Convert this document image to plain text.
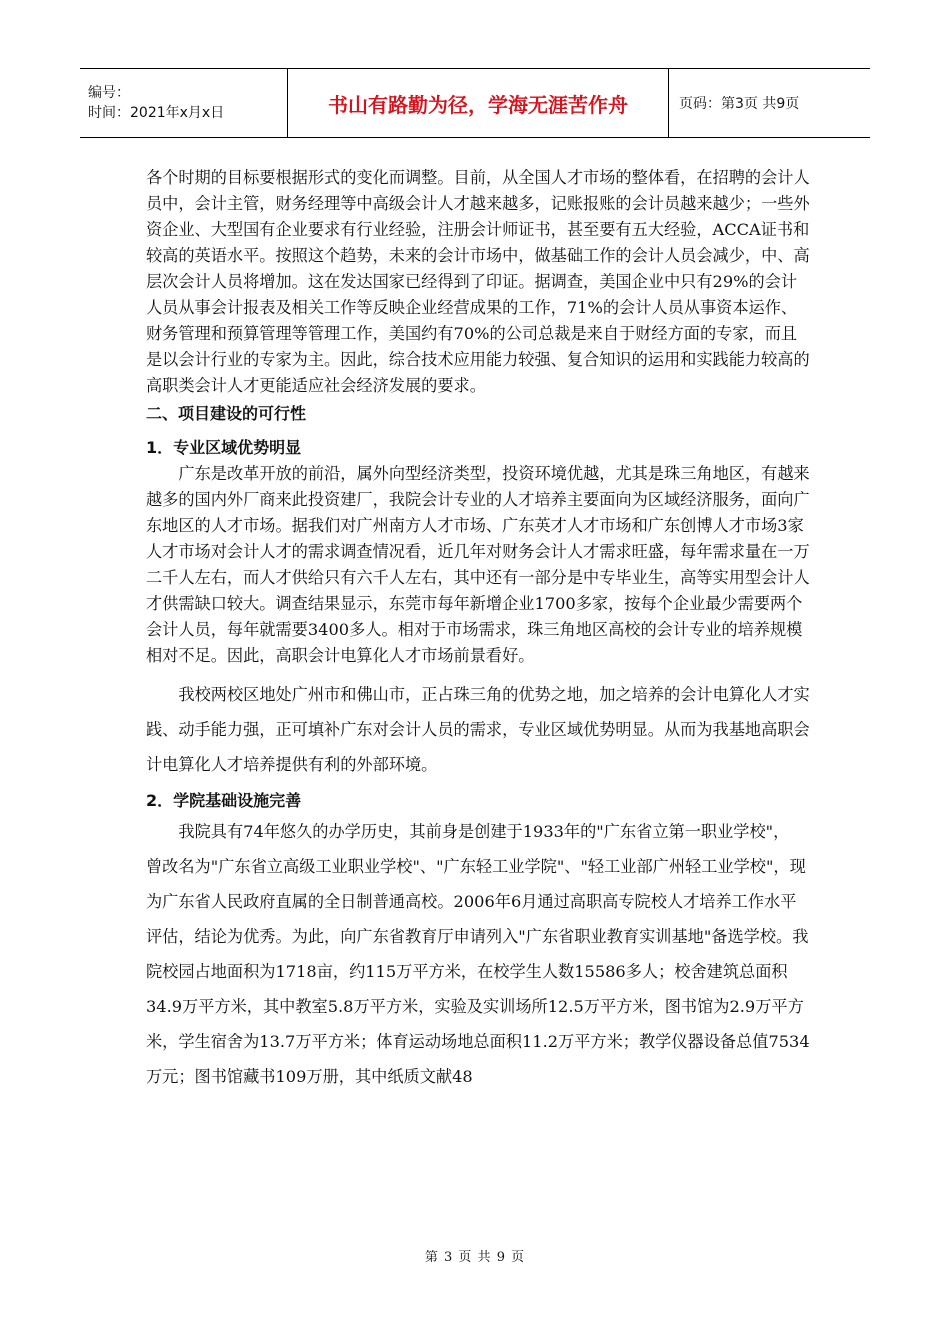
编号：
时间：2021年x月x日	书山有路勤为径，学海无涯苦作舟	页码：第3页 共9页

各个时期的目标要根据形式的变化而调整。目前，从全国人才市场的整体看，在招聘的会计人员中，会计主管，财务经理等中高级会计人才越来越多，记账报账的会计员越来越少；一些外资企业、大型国有企业要求有行业经验，注册会计师证书，甚至要有五大经验，ACCA证书和较高的英语水平。按照这个趋势，未来的会计市场中，做基础工作的会计人员会减少，中、高层次会计人员将增加。这在发达国家已经得到了印证。据调查，美国企业中只有29%的会计人员从事会计报表及相关工作等反映企业经营成果的工作，71%的会计人员从事资本运作、财务管理和预算管理等管理工作，美国约有70%的公司总裁是来自于财经方面的专家，而且是以会计行业的专家为主。因此，综合技术应用能力较强、复合知识的运用和实践能力较高的高职类会计人才更能适应社会经济发展的要求。

二、项目建设的可行性

1．专业区域优势明显

广东是改革开放的前沿，属外向型经济类型，投资环境优越，尤其是珠三角地区，有越来越多的国内外厂商来此投资建厂，我院会计专业的人才培养主要面向为区域经济服务，面向广东地区的人才市场。据我们对广州南方人才市场、广东英才人才市场和广东创博人才市场3家人才市场对会计人才的需求调查情况看，近几年对财务会计人才需求旺盛，每年需求量在一万二千人左右，而人才供给只有六千人左右，其中还有一部分是中专毕业生，高等实用型会计人才供需缺口较大。调查结果显示，东莞市每年新增企业1700多家，按每个企业最少需要两个会计人员，每年就需要3400多人。相对于市场需求，珠三角地区高校的会计专业的培养规模相对不足。因此，高职会计电算化人才市场前景看好。

我校两校区地处广州市和佛山市，正占珠三角的优势之地，加之培养的会计电算化人才实践、动手能力强，正可填补广东对会计人员的需求，专业区域优势明显。从而为我基地高职会计电算化人才培养提供有利的外部环境。

2．学院基础设施完善

我院具有74年悠久的办学历史，其前身是创建于1933年的"广东省立第一职业学校"， 曾改名为"广东省立高级工业职业学校"、"广东轻工业学院"、"轻工业部广州轻工业学校"，现为广东省人民政府直属的全日制普通高校。2006年6月通过高职高专院校人才培养工作水平评估，结论为优秀。为此，向广东省教育厅申请列入"广东省职业教育实训基地"备选学校。我院校园占地面积为1718亩，约115万平方米，在校学生人数15586多人；校舍建筑总面积34.9万平方米，其中教室5.8万平方米，实验及实训场所12.5万平方米，图书馆为2.9万平方米，学生宿舍为13.7万平方米；体育运动场地总面积11.2万平方米；教学仪器设备总值7534万元；图书馆藏书109万册，其中纸质文献48

第 3 页 共 9 页
